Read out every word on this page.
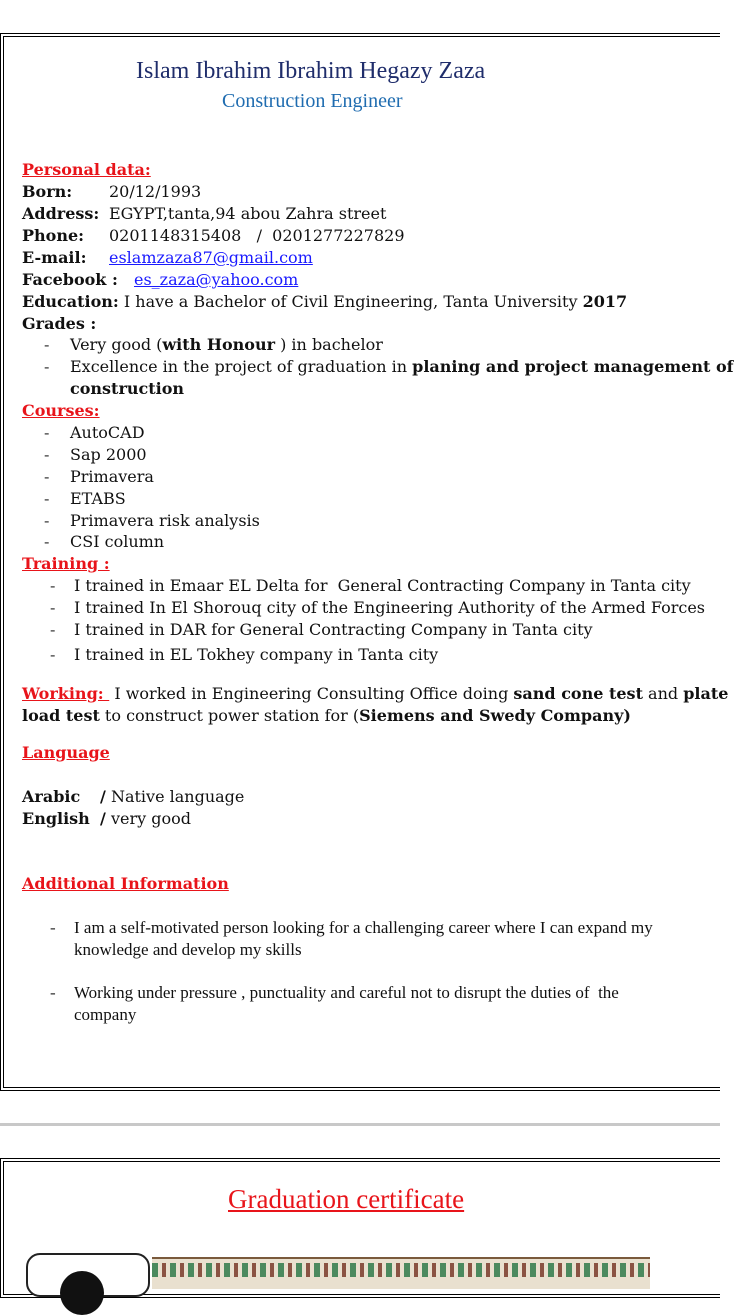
Islam Ibrahim Ibrahim Hegazy Zaza
Construction Engineer
Personal data:
Born: 20/12/1993
Address: EGYPT,tanta,94 abou Zahra street
Phone: 0201148315408   /  0201277227829
E-mail: eslamzaza87@gmail.com
Facebook : es_zaza@yahoo.com
Education: I have a Bachelor of Civil Engineering, Tanta University 2017
Grades :
- Very good (with Honour ) in bachelor
- Excellence in the project of graduation in planing and project management of
construction
Courses:
- AutoCAD
- Sap 2000
- Primavera
- ETABS
- Primavera risk analysis
- CSI column
Training :
- I trained in Emaar EL Delta for  General Contracting Company in Tanta city
- I trained In El Shorouq city of the Engineering Authority of the Armed Forces
- I trained in DAR for General Contracting Company in Tanta city
- I trained in EL Tokhey company in Tanta city
Working:  I worked in Engineering Consulting Office doing sand cone test and plate
load test to construct power station for (Siemens and Swedy Company)
Language
Arabic / Native language
English / very good
Additional Information
- I am a self-motivated person looking for a challenging career where I can expand my
knowledge and develop my skills
- Working under pressure , punctuality and careful not to disrupt the duties of  the
company
Graduation certificate
